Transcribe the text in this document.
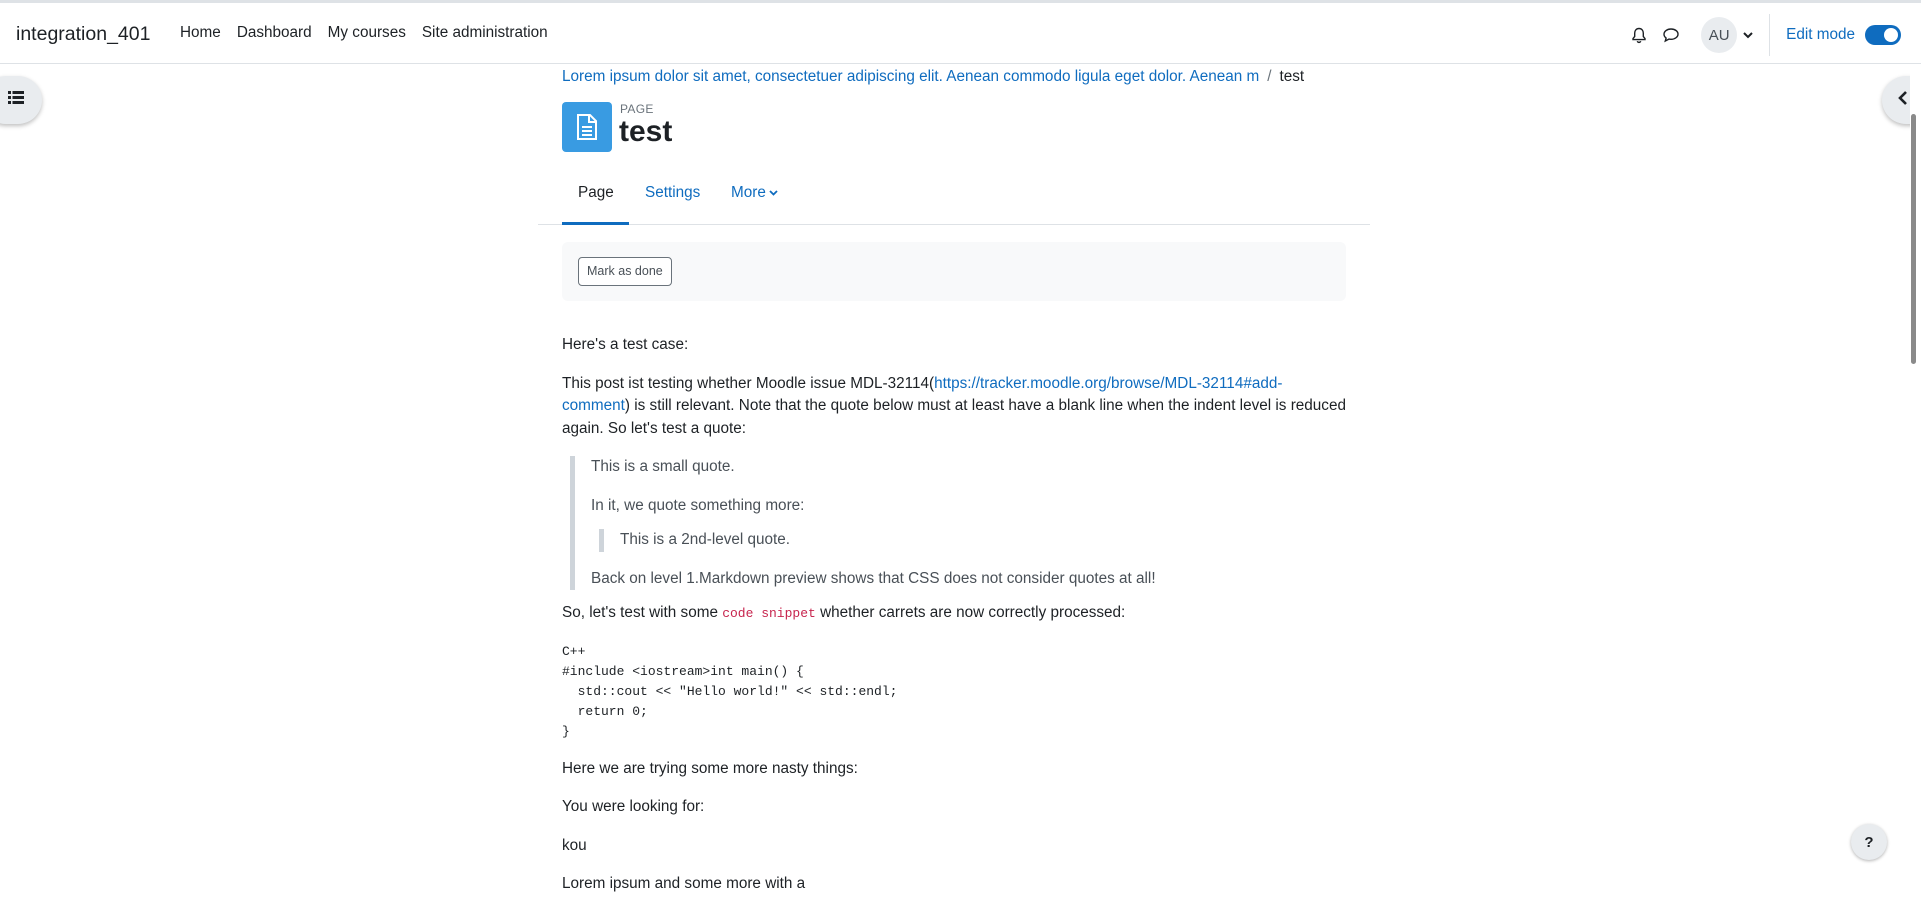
integration_401 Home Dashboard My courses Site administration	AU	Edit mode
Lorem ipsum dolor sit amet, consectetuer adipiscing elit. Aenean commodo ligula eget dolor. Aenean m / test
PAGE
test
Page	Settings More
Mark as done

Here's a test case:

This post ist testing whether Moodle issue MDL-32114(https://tracker.moodle.org/browse/MDL-32114#add-comment) is still relevant. Note that the quote below must at least have a blank line when the indent level is reduced again. So let's test a quote:

This is a small quote.

In it, we quote something more:

This is a 2nd-level quote.

Back on level 1.Markdown preview shows that CSS does not consider quotes at all!

So, let's test with some code snippet whether carrets are now correctly processed:

C++
#include <iostream>int main() {
std::cout << "Hello world!" << std::endl;
return 0;
}

Here we are trying some more nasty things:

You were looking for:

kou

Lorem ipsum and some more with a

?
